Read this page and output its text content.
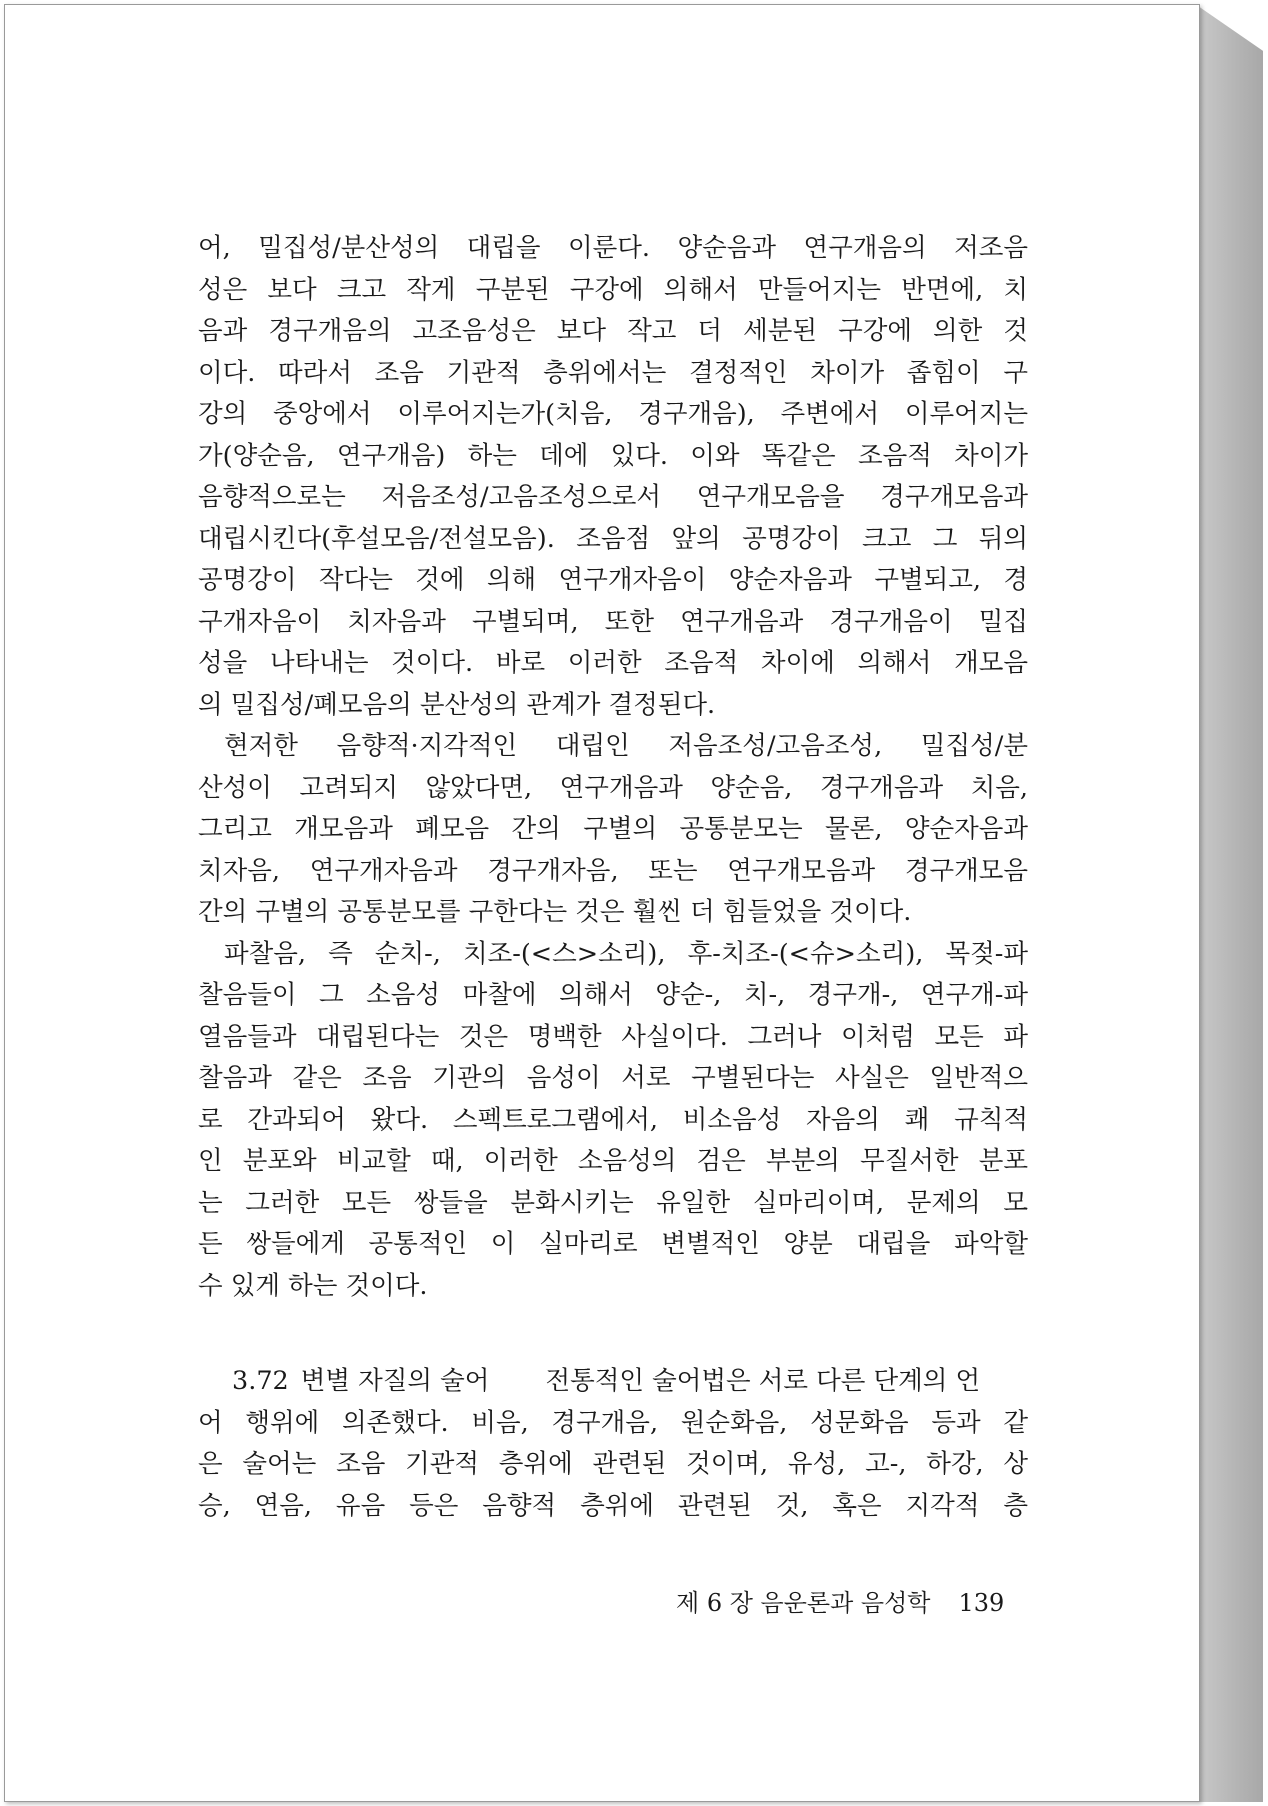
어, 밀집성/분산성의 대립을 이룬다. 양순음과 연구개음의 저조음
성은 보다 크고 작게 구분된 구강에 의해서 만들어지는 반면에, 치
음과 경구개음의 고조음성은 보다 작고 더 세분된 구강에 의한 것
이다. 따라서 조음 기관적 층위에서는 결정적인 차이가 좁힘이 구
강의 중앙에서 이루어지는가(치음, 경구개음), 주변에서 이루어지는
가(양순음, 연구개음) 하는 데에 있다. 이와 똑같은 조음적 차이가
음향적으로는 저음조성/고음조성으로서 연구개모음을 경구개모음과
대립시킨다(후설모음/전설모음). 조음점 앞의 공명강이 크고 그 뒤의
공명강이 작다는 것에 의해 연구개자음이 양순자음과 구별되고, 경
구개자음이 치자음과 구별되며, 또한 연구개음과 경구개음이 밀집
성을 나타내는 것이다. 바로 이러한 조음적 차이에 의해서 개모음
의 밀집성/폐모음의 분산성의 관계가 결정된다.
현저한 음향적·지각적인 대립인 저음조성/고음조성, 밀집성/분
산성이 고려되지 않았다면, 연구개음과 양순음, 경구개음과 치음,
그리고 개모음과 폐모음 간의 구별의 공통분모는 물론, 양순자음과
치자음, 연구개자음과 경구개자음, 또는 연구개모음과 경구개모음
간의 구별의 공통분모를 구한다는 것은 훨씬 더 힘들었을 것이다.
파찰음, 즉 순치-, 치조-(<스>소리), 후-치조-(<슈>소리), 목젖-파
찰음들이 그 소음성 마찰에 의해서 양순-, 치-, 경구개-, 연구개-파
열음들과 대립된다는 것은 명백한 사실이다. 그러나 이처럼 모든 파
찰음과 같은 조음 기관의 음성이 서로 구별된다는 사실은 일반적으
로 간과되어 왔다. 스펙트로그램에서, 비소음성 자음의 쾌 규칙적
인 분포와 비교할 때, 이러한 소음성의 검은 부분의 무질서한 분포
는 그러한 모든 쌍들을 분화시키는 유일한 실마리이며, 문제의 모
든 쌍들에게 공통적인 이 실마리로 변별적인 양분 대립을 파악할
수 있게 하는 것이다.
3.72 변별 자질의 술어 전통적인 술어법은 서로 다른 단계의 언
어 행위에 의존했다. 비음, 경구개음, 원순화음, 성문화음 등과 같
은 술어는 조음 기관적 층위에 관련된 것이며, 유성, 고-, 하강, 상
승, 연음, 유음 등은 음향적 층위에 관련된 것, 혹은 지각적 층
제 6 장 음운론과 음성학 139
